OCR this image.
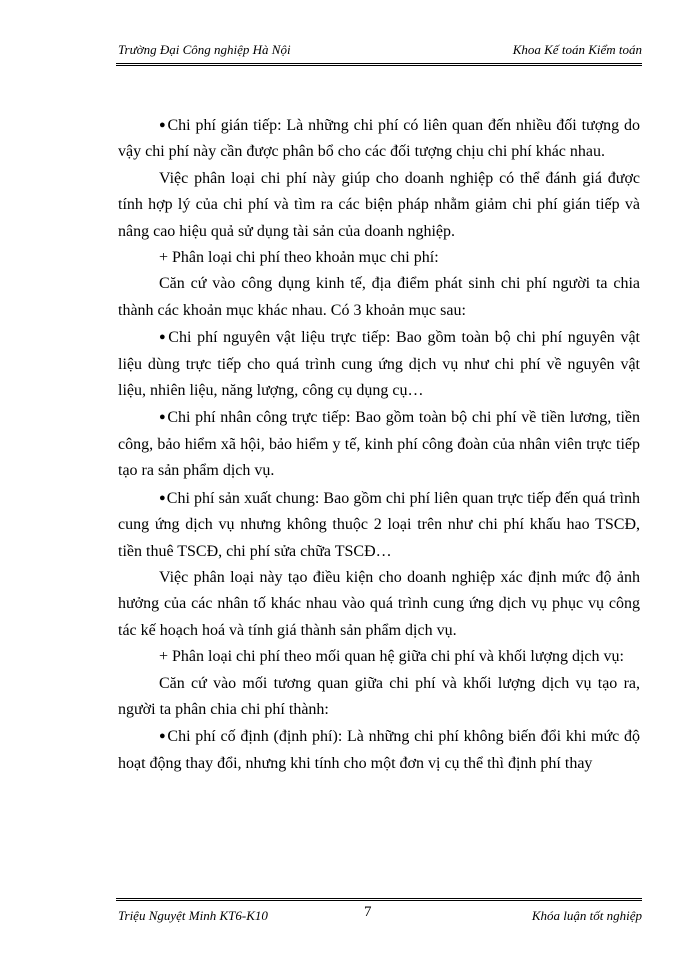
Trường Đại Công nghiệp Hà Nội	Khoa Kế toán Kiểm toán

●Chi phí gián tiếp: Là những chi phí có liên quan đến nhiều đối tượng do vậy chi phí này cần được phân bổ cho các đối tượng chịu chi phí khác nhau.

Việc phân loại chi phí này giúp cho doanh nghiệp có thể đánh giá được tính hợp lý của chi phí và tìm ra các biện pháp nhằm giảm chi phí gián tiếp và nâng cao hiệu quả sử dụng tài sản của doanh nghiệp.

+ Phân loại chi phí theo khoản mục chi phí:

Căn cứ vào công dụng kinh tế, địa điểm phát sinh chi phí người ta chia thành các khoản mục khác nhau. Có 3 khoản mục sau:

●Chi phí nguyên vật liệu trực tiếp: Bao gồm toàn bộ chi phí nguyên vật liệu dùng trực tiếp cho quá trình cung ứng dịch vụ như chi phí về nguyên vật liệu, nhiên liệu, năng lượng, công cụ dụng cụ…

●Chi phí nhân công trực tiếp: Bao gồm toàn bộ chi phí về tiền lương, tiền công, bảo hiểm xã hội, bảo hiểm y tế, kinh phí công đoàn của nhân viên trực tiếp tạo ra sản phẩm dịch vụ.

●Chi phí sản xuất chung: Bao gồm chi phí liên quan trực tiếp đến quá trình cung ứng dịch vụ nhưng không thuộc 2 loại trên như chi phí khấu hao TSCĐ, tiền thuê TSCĐ, chi phí sửa chữa TSCĐ…

Việc phân loại này tạo điều kiện cho doanh nghiệp xác định mức độ ảnh hưởng của các nhân tố khác nhau vào quá trình cung ứng dịch vụ phục vụ công tác kế hoạch hoá và tính giá thành sản phẩm dịch vụ.

+ Phân loại chi phí theo mối quan hệ giữa chi phí và khối lượng dịch vụ:

Căn cứ vào mối tương quan giữa chi phí và khối lượng dịch vụ tạo ra, người ta phân chia chi phí thành:

●Chi phí cố định (định phí): Là những chi phí không biến đổi khi mức độ hoạt động thay đổi, nhưng khi tính cho một đơn vị cụ thể thì định phí thay

Triệu Nguyệt Minh KT6-K10	7	Khóa luận tốt nghiệp
